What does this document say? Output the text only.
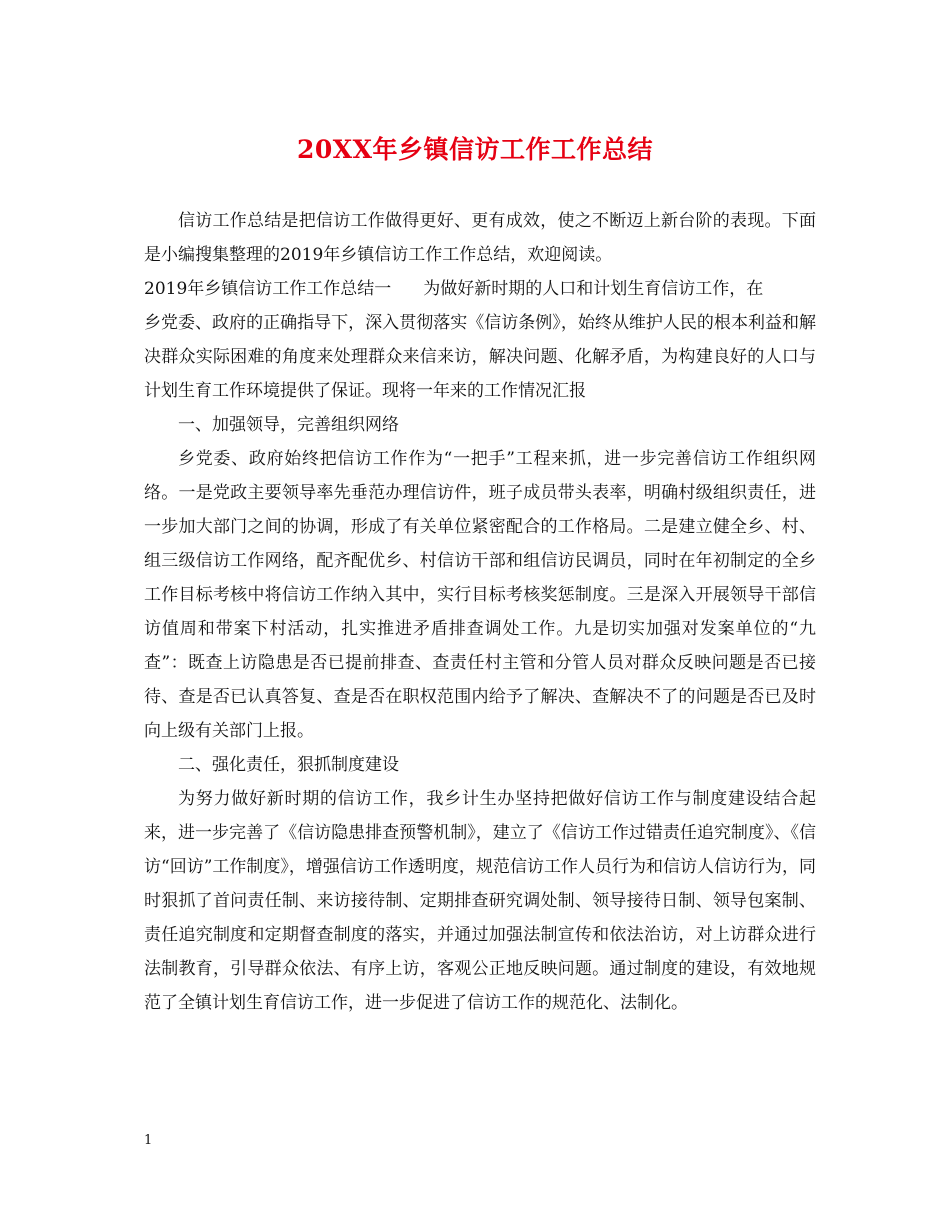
20XX年乡镇信访工作工作总结

信访工作总结是把信访工作做得更好、更有成效，使之不断迈上新台阶的表现。下面是小编搜集整理的2019年乡镇信访工作工作总结，欢迎阅读。

2019年乡镇信访工作工作总结一 为做好新时期的人口和计划生育信访工作，在

乡党委、政府的正确指导下，深入贯彻落实《信访条例》，始终从维护人民的根本利益和解决群众实际困难的角度来处理群众来信来访，解决问题、化解矛盾，为构建良好的人口与计划生育工作环境提供了保证。现将一年来的工作情况汇报

一、加强领导，完善组织网络

乡党委、政府始终把信访工作作为“一把手”工程来抓，进一步完善信访工作组织网络。一是党政主要领导率先垂范办理信访件，班子成员带头表率，明确村级组织责任，进一步加大部门之间的协调，形成了有关单位紧密配合的工作格局。二是建立健全乡、村、组三级信访工作网络，配齐配优乡、村信访干部和组信访民调员，同时在年初制定的全乡工作目标考核中将信访工作纳入其中，实行目标考核奖惩制度。三是深入开展领导干部信访值周和带案下村活动，扎实推进矛盾排查调处工作。九是切实加强对发案单位的“九查”：既查上访隐患是否已提前排查、查责任村主管和分管人员对群众反映问题是否已接待、查是否已认真答复、查是否在职权范围内给予了解决、查解决不了的问题是否已及时向上级有关部门上报。

二、强化责任，狠抓制度建设

为努力做好新时期的信访工作，我乡计生办坚持把做好信访工作与制度建设结合起来，进一步完善了《信访隐患排查预警机制》，建立了《信访工作过错责任追究制度》、《信访“回访”工作制度》，增强信访工作透明度，规范信访工作人员行为和信访人信访行为，同时狠抓了首问责任制、来访接待制、定期排查研究调处制、领导接待日制、领导包案制、责任追究制度和定期督查制度的落实，并通过加强法制宣传和依法治访，对上访群众进行法制教育，引导群众依法、有序上访，客观公正地反映问题。通过制度的建设，有效地规范了全镇计划生育信访工作，进一步促进了信访工作的规范化、法制化。

1
